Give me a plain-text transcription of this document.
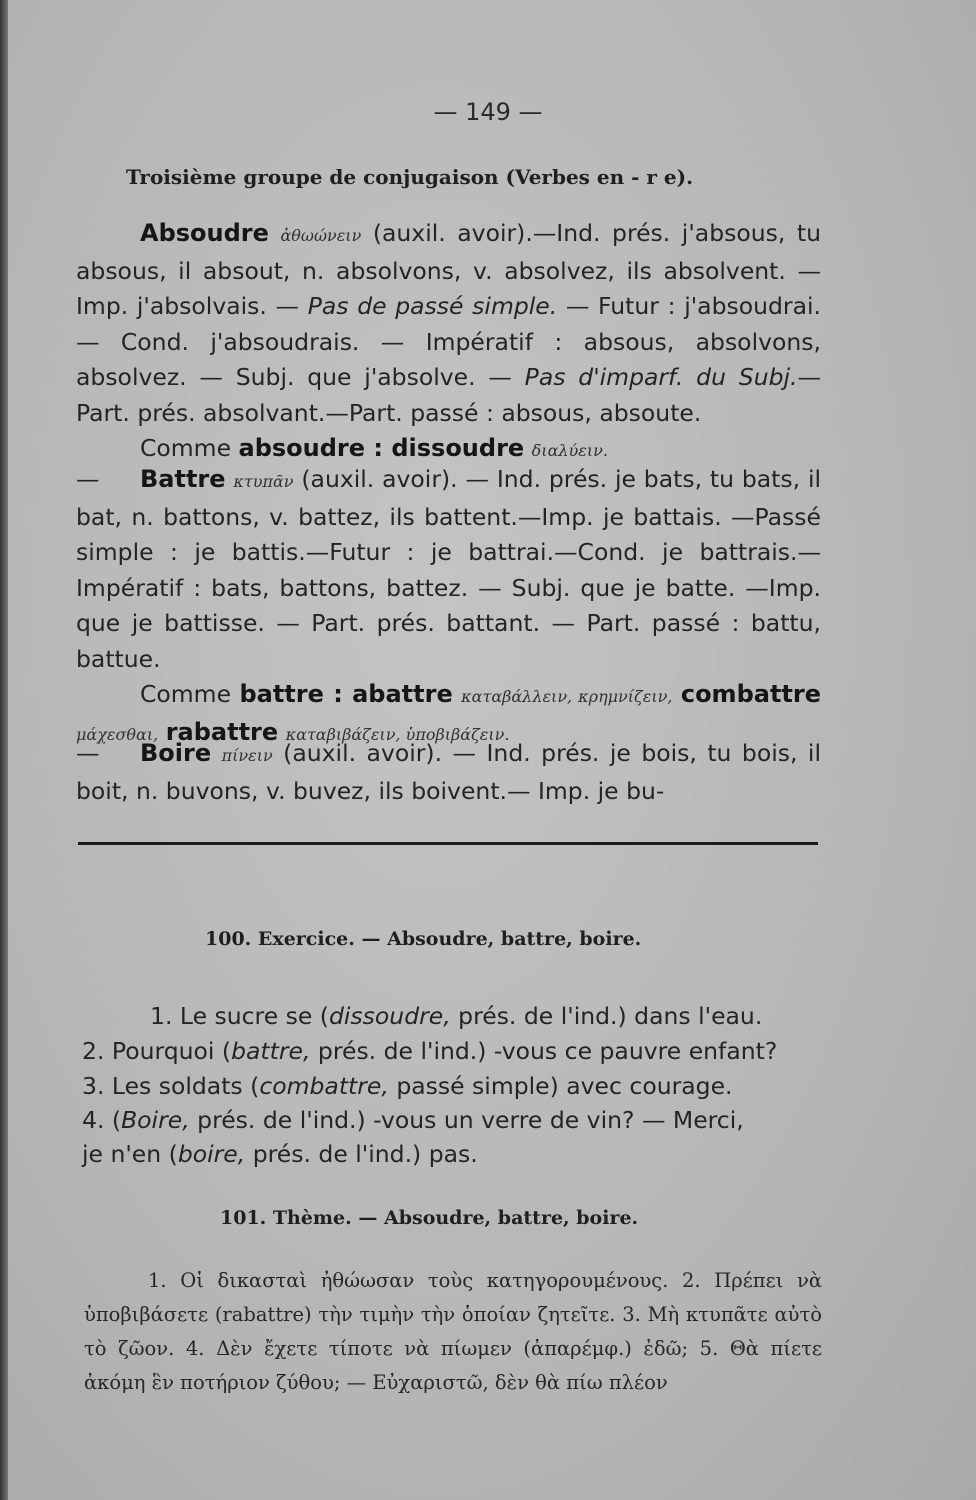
— 149 —
Troisième groupe de conjugaison (Verbes en - r e).

Absoudre ἀθωώνειν (auxil. avoir).—Ind. prés. j'absous, tu absous, il absout, n. absolvons, v. absolvez, ils absolvent. — Imp. j'absolvais. — Pas de passé simple. — Futur : j'absoudrai. — Cond. j'absoudrais. — Impératif : absous, absolvons, absolvez. — Subj. que j'absolve. — Pas d'imparf. du Subj.—Part. prés. absolvant.—Part. passé : absous, absoute.

Comme absoudre : dissoudre διαλύειν.

— Battre κτυπᾶν (auxil. avoir). — Ind. prés. je bats, tu bats, il bat, n. battons, v. battez, ils battent.—Imp. je battais. —Passé simple : je battis.—Futur : je battrai.—Cond. je battrais.— Impératif : bats, battons, battez. — Subj. que je batte. —Imp. que je battisse. — Part. prés. battant. — Part. passé : battu, battue.

Comme battre : abattre καταβάλλειν, κρημνίζειν, combattre μάχεσθαι, rabattre καταβιβάζειν, ὑποβιβάζειν.

— Boire πίνειν (auxil. avoir). — Ind. prés. je bois, tu bois, il boit, n. buvons, v. buvez, ils boivent.— Imp. je bu-

100. Exercice. — Absoudre, battre, boire.
1. Le sucre se (dissoudre, prés. de l'ind.) dans l'eau.
2. Pourquoi (battre, prés. de l'ind.) -vous ce pauvre enfant?
3. Les soldats (combattre, passé simple) avec courage.
4. (Boire, prés. de l'ind.) -vous un verre de vin? — Merci,
je n'en (boire, prés. de l'ind.) pas.
101. Thème. — Absoudre, battre, boire.

1. Οἱ δικασταὶ ἠθώωσαν τοὺς κατηγορουμένους. 2. Πρέπει νὰ ὑποβιβάσετε (rabattre) τὴν τιμὴν τὴν ὁποίαν ζητεῖτε. 3. Μὴ κτυπᾶτε αὐτὸ τὸ ζῶον. 4. Δὲν ἔχετε τίποτε νὰ πίωμεν (ἀπαρέμφ.) ἐδῶ; 5. Θὰ πίετε ἀκόμη ἓν ποτήριον ζύθου; — Εὐχαριστῶ, δὲν θὰ πίω πλέον
